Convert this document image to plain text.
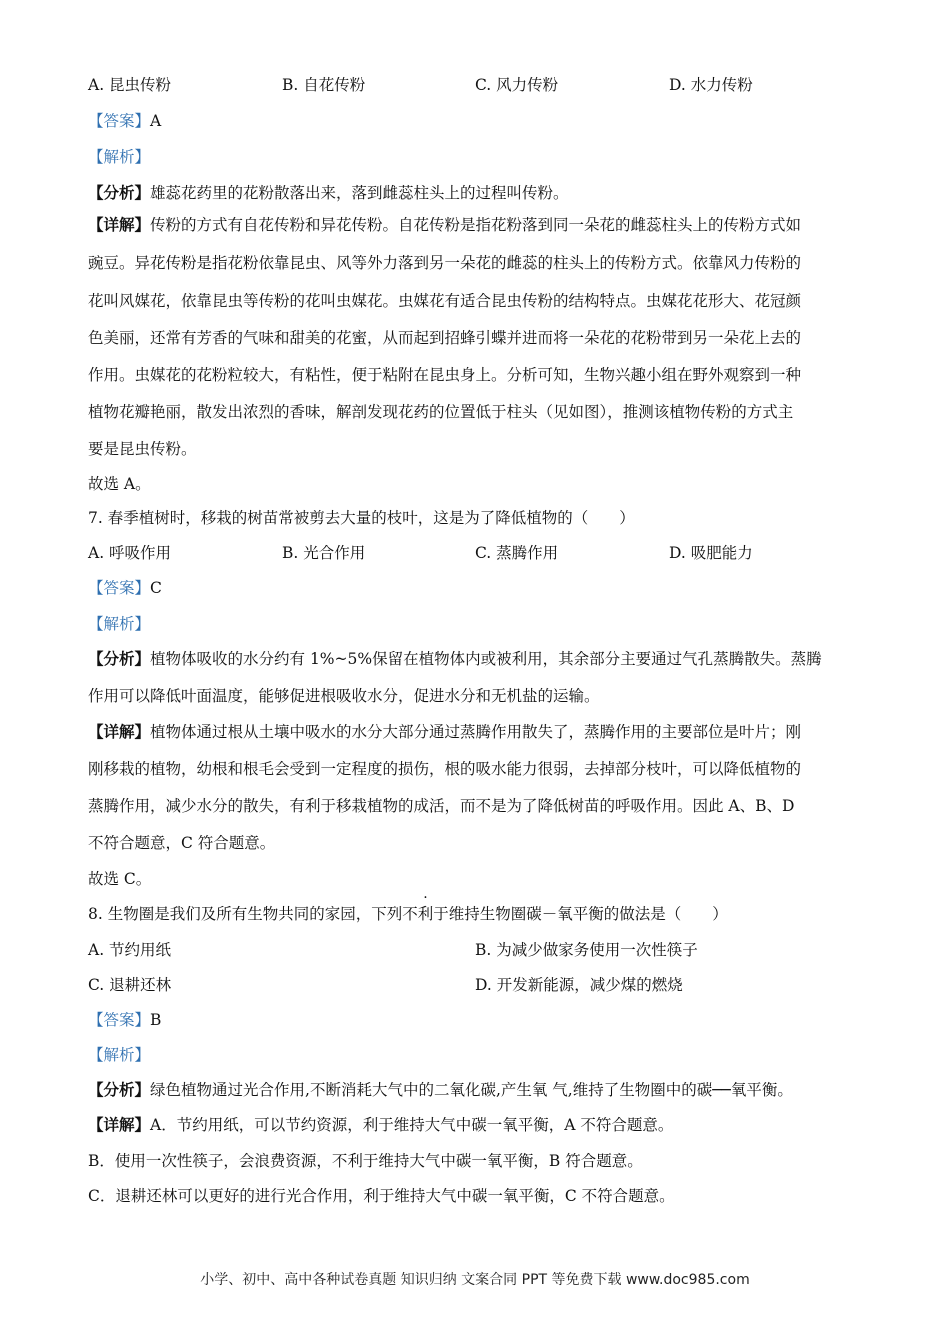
A. 昆虫传粉	B. 自花传粉	C. 风力传粉	D. 水力传粉
【答案】A
【解析】
【分析】雄蕊花药里的花粉散落出来，落到雌蕊柱头上的过程叫传粉。
【详解】传粉的方式有自花传粉和异花传粉。自花传粉是指花粉落到同一朵花的雌蕊柱头上的传粉方式如
豌豆。异花传粉是指花粉依靠昆虫、风等外力落到另一朵花的雌蕊的柱头上的传粉方式。依靠风力传粉的
花叫风媒花，依靠昆虫等传粉的花叫虫媒花。虫媒花有适合昆虫传粉的结构特点。虫媒花花形大、花冠颜
色美丽，还常有芳香的气味和甜美的花蜜，从而起到招蜂引蝶并进而将一朵花的花粉带到另一朵花上去的
作用。虫媒花的花粉粒较大，有粘性，便于粘附在昆虫身上。分析可知，生物兴趣小组在野外观察到一种
植物花瓣艳丽，散发出浓烈的香味，解剖发现花药的位置低于柱头（见如图），推测该植物传粉的方式主
要是昆虫传粉。
故选 A。
7. 春季植树时，移栽的树苗常被剪去大量的枝叶，这是为了降低植物的（　　）
A. 呼吸作用	B. 光合作用	C. 蒸腾作用	D. 吸肥能力
【答案】C
【解析】
【分析】植物体吸收的水分约有 1%~5%保留在植物体内或被利用，其余部分主要通过气孔蒸腾散失。蒸腾
作用可以降低叶面温度，能够促进根吸收水分，促进水分和无机盐的运输。
【详解】植物体通过根从土壤中吸水的水分大部分通过蒸腾作用散失了，蒸腾作用的主要部位是叶片；刚
刚移栽的植物，幼根和根毛会受到一定程度的损伤，根的吸水能力很弱，去掉部分枝叶，可以降低植物的
蒸腾作用，减少水分的散失，有利于移栽植物的成活，而不是为了降低树苗的呼吸作用。因此 A、B、D
不符合题意，C 符合题意。
故选 C。
8. 生物圈是我们及所有生物共同的家园，下列不利于维持生物圈碳－氧平衡的做法是（　　）
A. 节约用纸	B. 为减少做家务使用一次性筷子
C. 退耕还林	D. 开发新能源，减少煤的燃烧
【答案】B
【解析】
【分析】绿色植物通过光合作用,不断消耗大气中的二氧化碳,产生氧 气,维持了生物圈中的碳──氧平衡。
【详解】A．节约用纸，可以节约资源，利于维持大气中碳一氧平衡，A 不符合题意。
B．使用一次性筷子，会浪费资源，不利于维持大气中碳一氧平衡，B 符合题意。
C．退耕还林可以更好的进行光合作用，利于维持大气中碳一氧平衡，C 不符合题意。
小学、初中、高中各种试卷真题 知识归纳 文案合同 PPT 等免费下载 www.doc985.com
